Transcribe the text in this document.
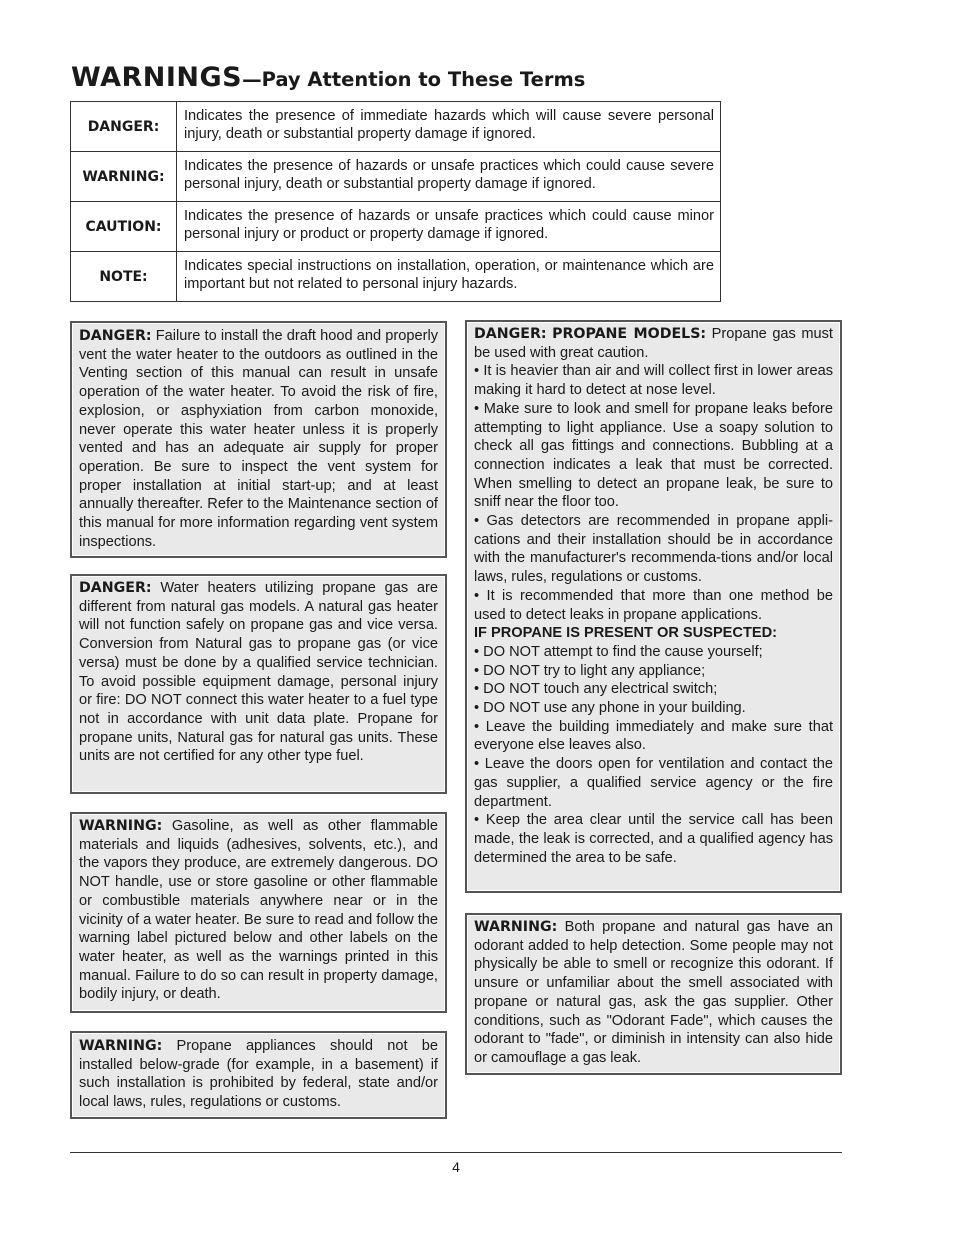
WARNINGS—Pay Attention to These Terms
DANGER:	Indicates the presence of immediate hazards which will cause severe personal injury, death or substantial property damage if ignored.
WARNING:	Indicates the presence of hazards or unsafe practices which could cause severe personal injury, death or substantial property damage if ignored.
CAUTION:	Indicates the presence of hazards or unsafe practices which could cause minor personal injury or product or property damage if ignored.
NOTE:	Indicates special instructions on installation, operation, or maintenance which are important but not related to personal injury hazards.

DANGER: Failure to install the draft hood and properly vent the water heater to the outdoors as outlined in the Venting section of this manual can result in unsafe operation of the water heater. To avoid the risk of fire, explosion, or asphyxiation from carbon monoxide, never operate this water heater unless it is properly vented and has an adequate air supply for proper operation. Be sure to inspect the vent system for proper installation at initial start-up; and at least annually thereafter. Refer to the Maintenance section of this manual for more information regarding vent system inspections.

DANGER: Water heaters utilizing propane gas are different from natural gas models. A natural gas heater will not function safely on propane gas and vice versa. Conversion from Natural gas to propane gas (or vice versa) must be done by a qualified service technician. To avoid possible equipment damage, personal injury or fire: DO NOT connect this water heater to a fuel type not in accordance with unit data plate. Propane for propane units, Natural gas for natural gas units. These units are not certified for any other type fuel.

WARNING: Gasoline, as well as other flammable materials and liquids (adhesives, solvents, etc.), and the vapors they produce, are extremely dangerous. DO NOT handle, use or store gasoline or other flammable or combustible materials anywhere near or in the vicinity of a water heater. Be sure to read and follow the warning label pictured below and other labels on the water heater, as well as the warnings printed in this manual. Failure to do so can result in property damage, bodily injury, or death.

WARNING: Propane appliances should not be installed below-grade (for example, in a basement) if such installation is prohibited by federal, state and/or local laws, rules, regulations or customs.

DANGER: PROPANE MODELS: Propane gas must be used with great caution.

• It is heavier than air and will collect first in lower areas making it hard to detect at nose level.

• Make sure to look and smell for propane leaks before attempting to light appliance. Use a soapy solution to check all gas fittings and connections. Bubbling at a connection indicates a leak that must be corrected. When smelling to detect an propane leak, be sure to sniff near the floor too.

• Gas detectors are recommended in propane appli-cations and their installation should be in accordance with the manufacturer's recommenda-tions and/or local laws, rules, regulations or customs.

• It is recommended that more than one method be used to detect leaks in propane applications.

IF PROPANE IS PRESENT OR SUSPECTED:

• DO NOT attempt to find the cause yourself;

• DO NOT try to light any appliance;

• DO NOT touch any electrical switch;

• DO NOT use any phone in your building.

• Leave the building immediately and make sure that everyone else leaves also.

• Leave the doors open for ventilation and contact the gas supplier, a qualified service agency or the fire department.

• Keep the area clear until the service call has been made, the leak is corrected, and a qualified agency has determined the area to be safe.

WARNING: Both propane and natural gas have an odorant added to help detection. Some people may not physically be able to smell or recognize this odorant. If unsure or unfamiliar about the smell associated with propane or natural gas, ask the gas supplier. Other conditions, such as "Odorant Fade", which causes the odorant to "fade", or diminish in intensity can also hide or camouflage a gas leak.

4
